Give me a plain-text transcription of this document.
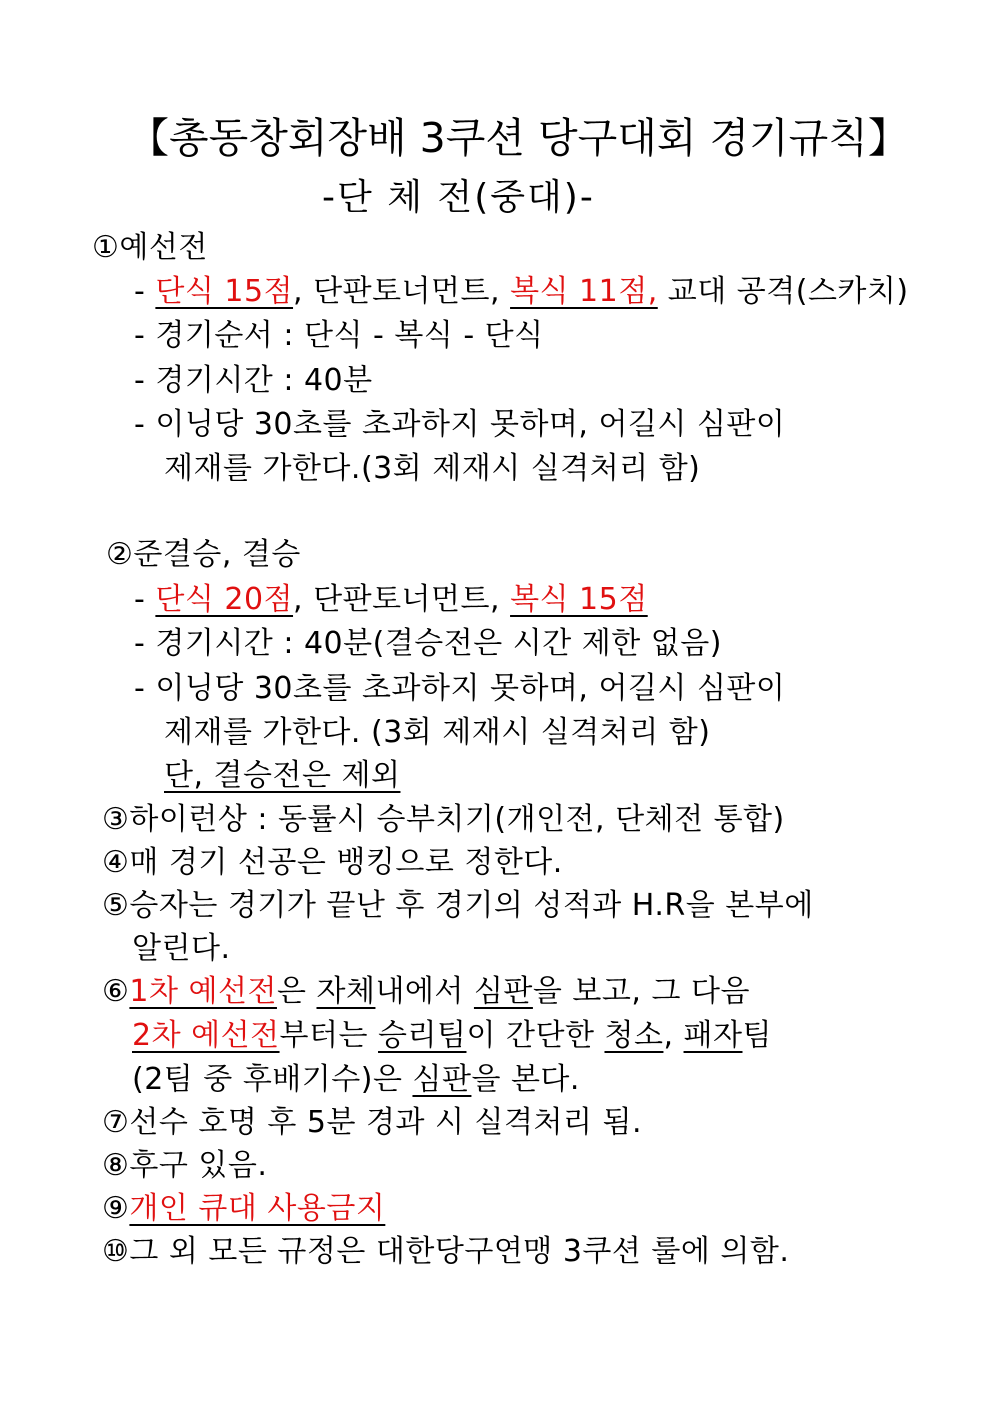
【총동창회장배 3쿠션 당구대회 경기규칙】
-단 체 전(중대)-
①예선전
- 단식 15점, 단판토너먼트, 복식 11점, 교대 공격(스카치)
- 경기순서 : 단식 - 복식 - 단식
- 경기시간 : 40분
- 이닝당 30초를 초과하지 못하며, 어길시 심판이
제재를 가한다.(3회 제재시 실격처리 함)
②준결승, 결승
- 단식 20점, 단판토너먼트, 복식 15점
- 경기시간 : 40분(결승전은 시간 제한 없음)
- 이닝당 30초를 초과하지 못하며, 어길시 심판이
제재를 가한다. (3회 제재시 실격처리 함)
단, 결승전은 제외
③하이런상 : 동률시 승부치기(개인전, 단체전 통합)
④매 경기 선공은 뱅킹으로 정한다.
⑤승자는 경기가 끝난 후 경기의 성적과 H.R을 본부에
알린다.
⑥1차 예선전은 자체내에서 심판을 보고, 그 다음
2차 예선전부터는 승리팀이 간단한 청소, 패자팀
(2팀 중 후배기수)은 심판을 본다.
⑦선수 호명 후 5분 경과 시 실격처리 됨.
⑧후구 있음.
⑨개인 큐대 사용금지
⑩그 외 모든 규정은 대한당구연맹 3쿠션 룰에 의함.
